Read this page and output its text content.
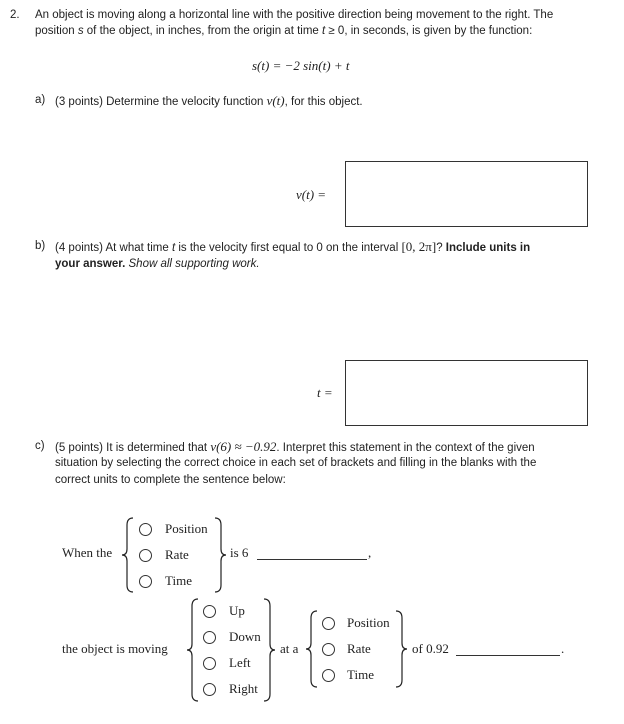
2. An object is moving along a horizontal line with the positive direction being movement to the right. The
position s of the object, in inches, from the origin at time t ≥ 0, in seconds, is given by the function:
s(t) = −2 sin(t) + t
a) (3 points) Determine the velocity function v(t), for this object.
v(t) =
b) (4 points) At what time t is the velocity first equal to 0 on the interval [0, 2π]? Include units in
your answer. Show all supporting work.
t =
c) (5 points) It is determined that v(6) ≈ −0.92. Interpret this statement in the context of the given
situation by selecting the correct choice in each set of brackets and filling in the blanks with the
correct units to complete the sentence below:
When the
Position
Rate
Time
is 6	,
the object is moving
Up
Down
Left
Right
at a
Position
Rate
Time
of 0.92	.
